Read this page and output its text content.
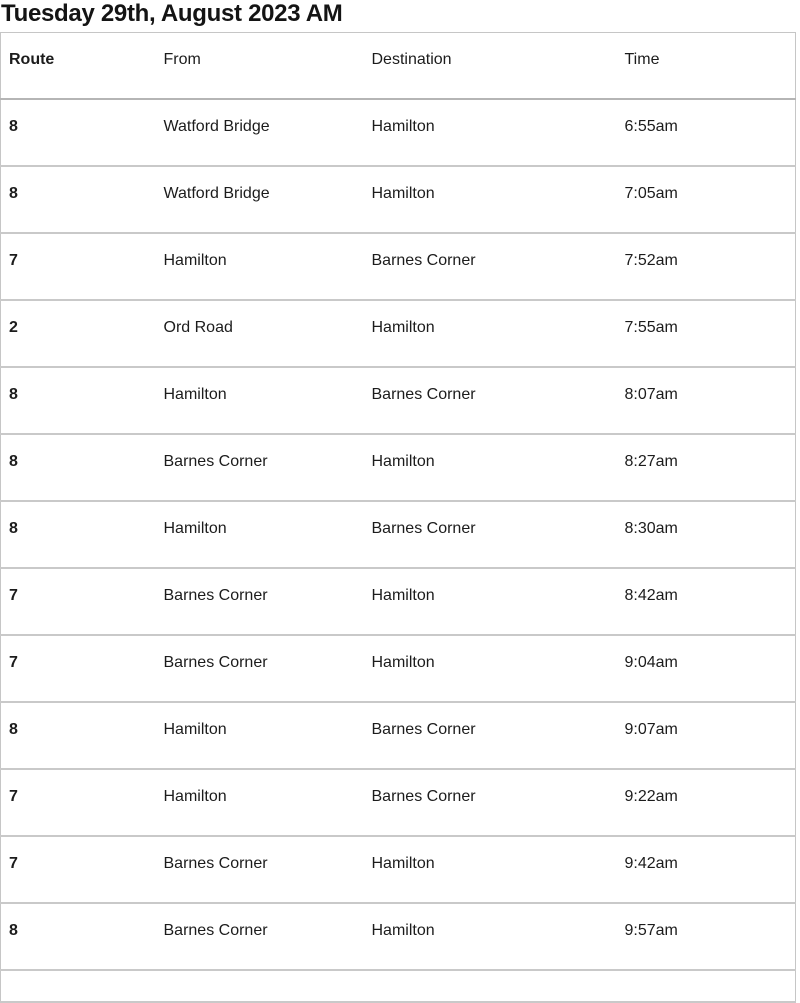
Tuesday 29th, August 2023 AM
Route	From	Destination	Time
8	Watford Bridge	Hamilton	6:55am
8	Watford Bridge	Hamilton	7:05am
7	Hamilton	Barnes Corner	7:52am
2	Ord Road	Hamilton	7:55am
8	Hamilton	Barnes Corner	8:07am
8	Barnes Corner	Hamilton	8:27am
8	Hamilton	Barnes Corner	8:30am
7	Barnes Corner	Hamilton	8:42am
7	Barnes Corner	Hamilton	9:04am
8	Hamilton	Barnes Corner	9:07am
7	Hamilton	Barnes Corner	9:22am
7	Barnes Corner	Hamilton	9:42am
8	Barnes Corner	Hamilton	9:57am
